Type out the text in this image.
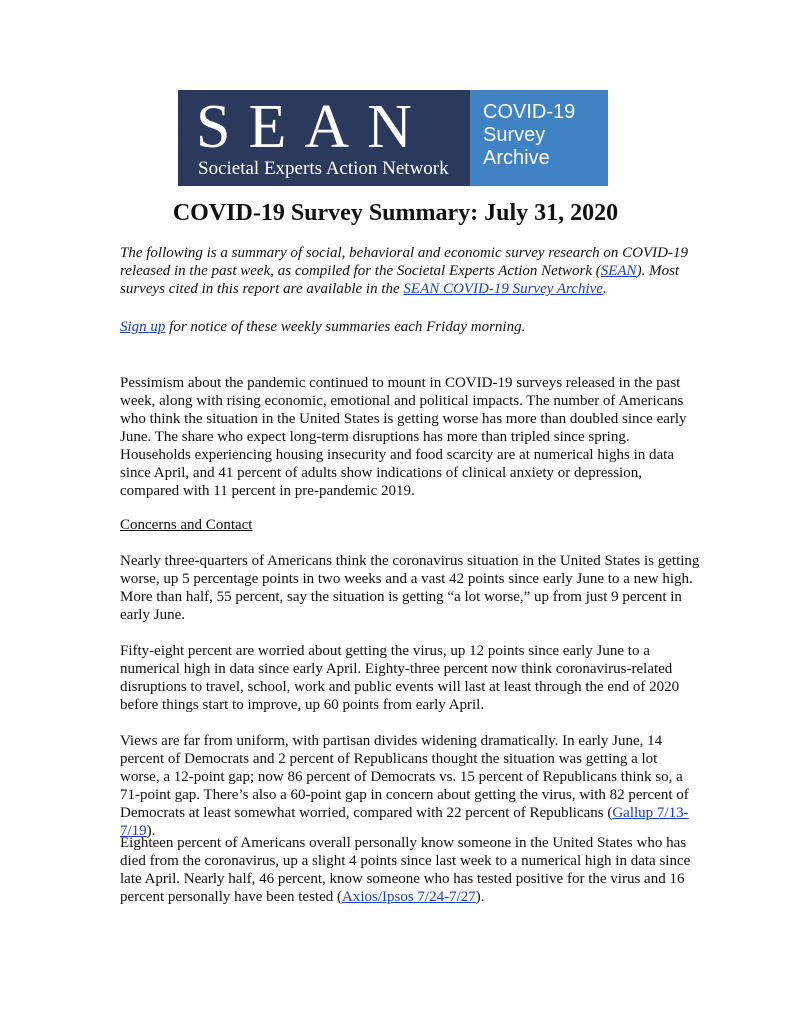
SEAN
Societal Experts Action Network
COVID-19
Survey
Archive
COVID-19 Survey Summary: July 31, 2020

The following is a summary of social, behavioral and economic survey research on COVID-19 released in the past week, as compiled for the Societal Experts Action Network (SEAN). Most surveys cited in this report are available in the SEAN COVID-19 Survey Archive.

Sign up for notice of these weekly summaries each Friday morning.

Pessimism about the pandemic continued to mount in COVID-19 surveys released in the past week, along with rising economic, emotional and political impacts. The number of Americans who think the situation in the United States is getting worse has more than doubled since early June. The share who expect long-term disruptions has more than tripled since spring. Households experiencing housing insecurity and food scarcity are at numerical highs in data since April, and 41 percent of adults show indications of clinical anxiety or depression, compared with 11 percent in pre-pandemic 2019.

Concerns and Contact

Nearly three-quarters of Americans think the coronavirus situation in the United States is getting worse, up 5 percentage points in two weeks and a vast 42 points since early June to a new high. More than half, 55 percent, say the situation is getting “a lot worse,” up from just 9 percent in early June.

Fifty-eight percent are worried about getting the virus, up 12 points since early June to a numerical high in data since early April. Eighty-three percent now think coronavirus-related disruptions to travel, school, work and public events will last at least through the end of 2020 before things start to improve, up 60 points from early April.

Views are far from uniform, with partisan divides widening dramatically. In early June, 14 percent of Democrats and 2 percent of Republicans thought the situation was getting a lot worse, a 12-point gap; now 86 percent of Democrats vs. 15 percent of Republicans think so, a 71-point gap. There’s also a 60-point gap in concern about getting the virus, with 82 percent of Democrats at least somewhat worried, compared with 22 percent of Republicans (Gallup 7/13-7/19).

Eighteen percent of Americans overall personally know someone in the United States who has died from the coronavirus, up a slight 4 points since last week to a numerical high in data since late April. Nearly half, 46 percent, know someone who has tested positive for the virus and 16 percent personally have been tested (Axios/Ipsos 7/24-7/27).
